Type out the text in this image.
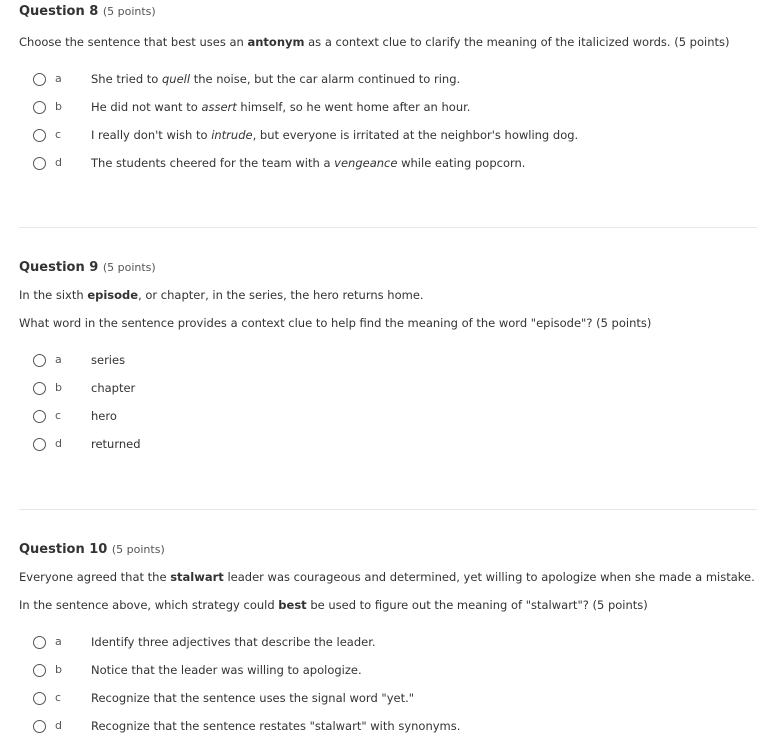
Question 8 (5 points)
Choose the sentence that best uses an antonym as a context clue to clarify the meaning of the italicized words. (5 points)
a	She tried to quell the noise, but the car alarm continued to ring.
b	He did not want to assert himself, so he went home after an hour.
c	I really don't wish to intrude, but everyone is irritated at the neighbor's howling dog.
d	The students cheered for the team with a vengeance while eating popcorn.
Question 9 (5 points)
In the sixth episode, or chapter, in the series, the hero returns home.
What word in the sentence provides a context clue to help find the meaning of the word "episode"? (5 points)
a	series
b	chapter
c	hero
d	returned
Question 10 (5 points)
Everyone agreed that the stalwart leader was courageous and determined, yet willing to apologize when she made a mistake.
In the sentence above, which strategy could best be used to figure out the meaning of "stalwart"? (5 points)
a	Identify three adjectives that describe the leader.
b	Notice that the leader was willing to apologize.
c	Recognize that the sentence uses the signal word "yet."
d	Recognize that the sentence restates "stalwart" with synonyms.
